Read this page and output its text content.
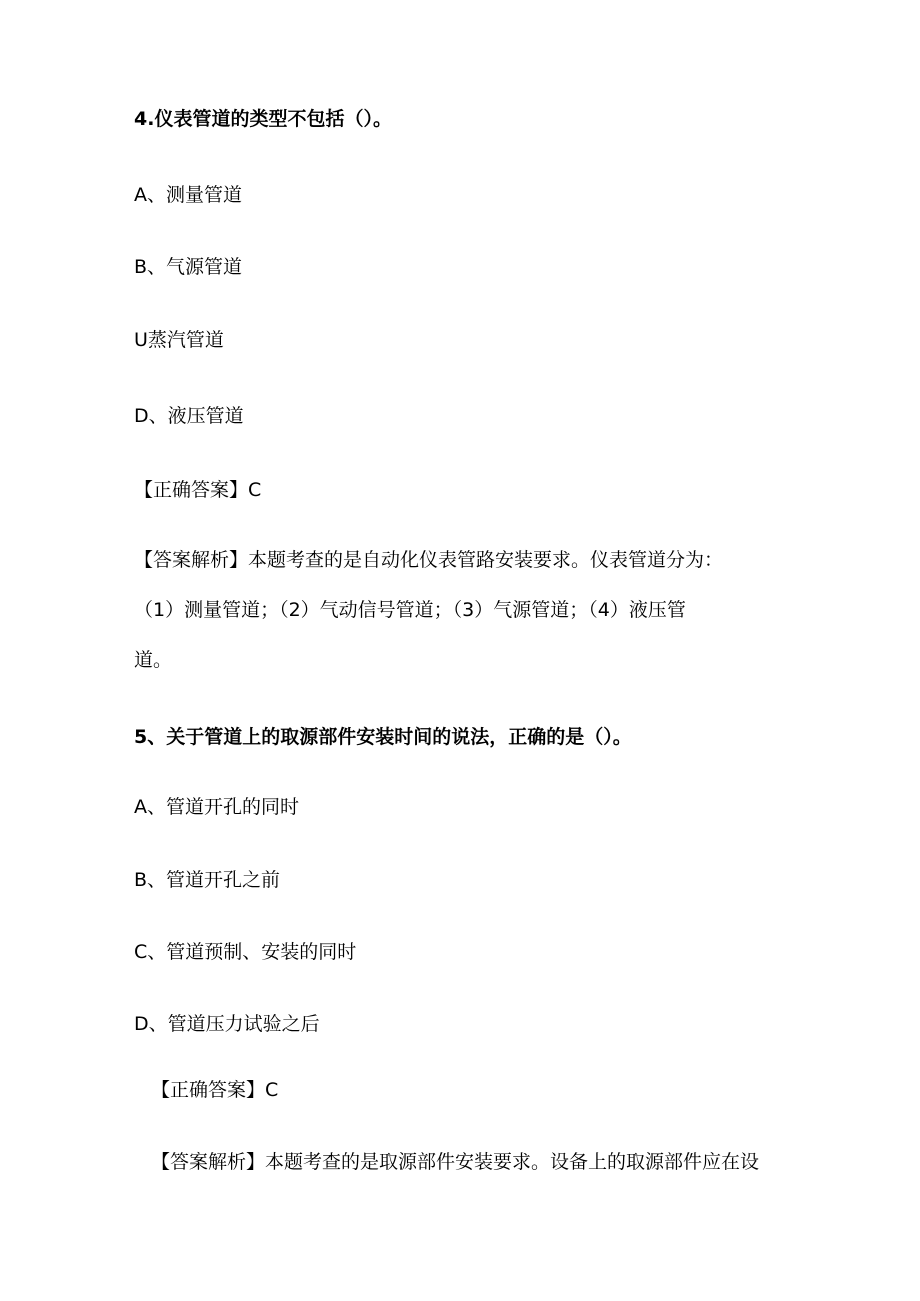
4.仪表管道的类型不包括（）。
A、测量管道
B、气源管道
U蒸汽管道
D、液压管道
【正确答案】C
【答案解析】本题考查的是自动化仪表管路安装要求。仪表管道分为：
（1）测量管道；（2）气动信号管道；（3）气源管道；（4）液压管
道。
5、关于管道上的取源部件安装时间的说法，正确的是（）。
A、管道开孔的同时
B、管道开孔之前
C、管道预制、安装的同时
D、管道压力试验之后
【正确答案】C
【答案解析】本题考查的是取源部件安装要求。设备上的取源部件应在设
